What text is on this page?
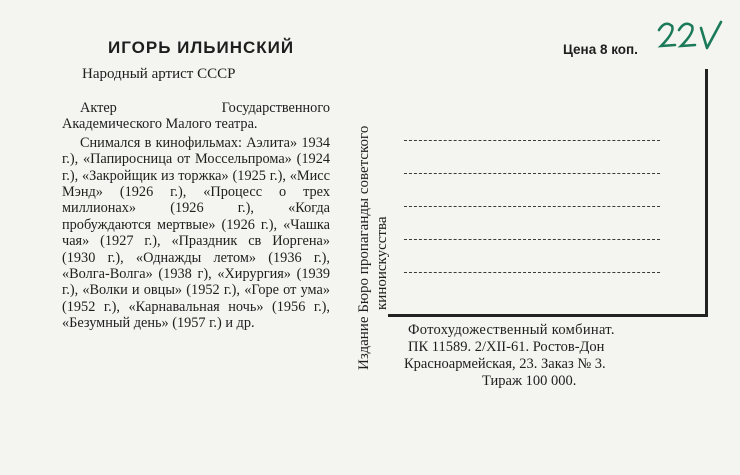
ИГОРЬ ИЛЬИНСКИЙ
Народный артист СССР

Актер Государственного Академического Малого театра.

Снимался в кинофильмах: Аэлита» 1934 г.), «Папиросница от Моссельпрома» (1924 г.), «Закройщик из торжка» (1925 г.), «Мисс Мэнд» (1926 г.), «Процесс о трех миллионах» (1926 г.), «Когда пробуждаются мертвые» (1926 г.), «Чашка чая» (1927 г.), «Праздник св Иоргена» (1930 г.), «Однажды летом» (1936 г.), «Волга-Волга» (1938 г), «Хирургия» (1939 г.), «Волки и овцы» (1952 г.), «Горе от ума» (1952 г.), «Карнавальная ночь» (1956 г.), «Безумный день» (1957 г.) и др.	Издание Бюро пропаганды советского киноискусства
Цена 8 коп.
Фотохудожественный комбинат.
ПК 11589. 2/XII-61. Ростов-Дон
Красноармейская, 23. Заказ № 3.
Тираж 100 000.
